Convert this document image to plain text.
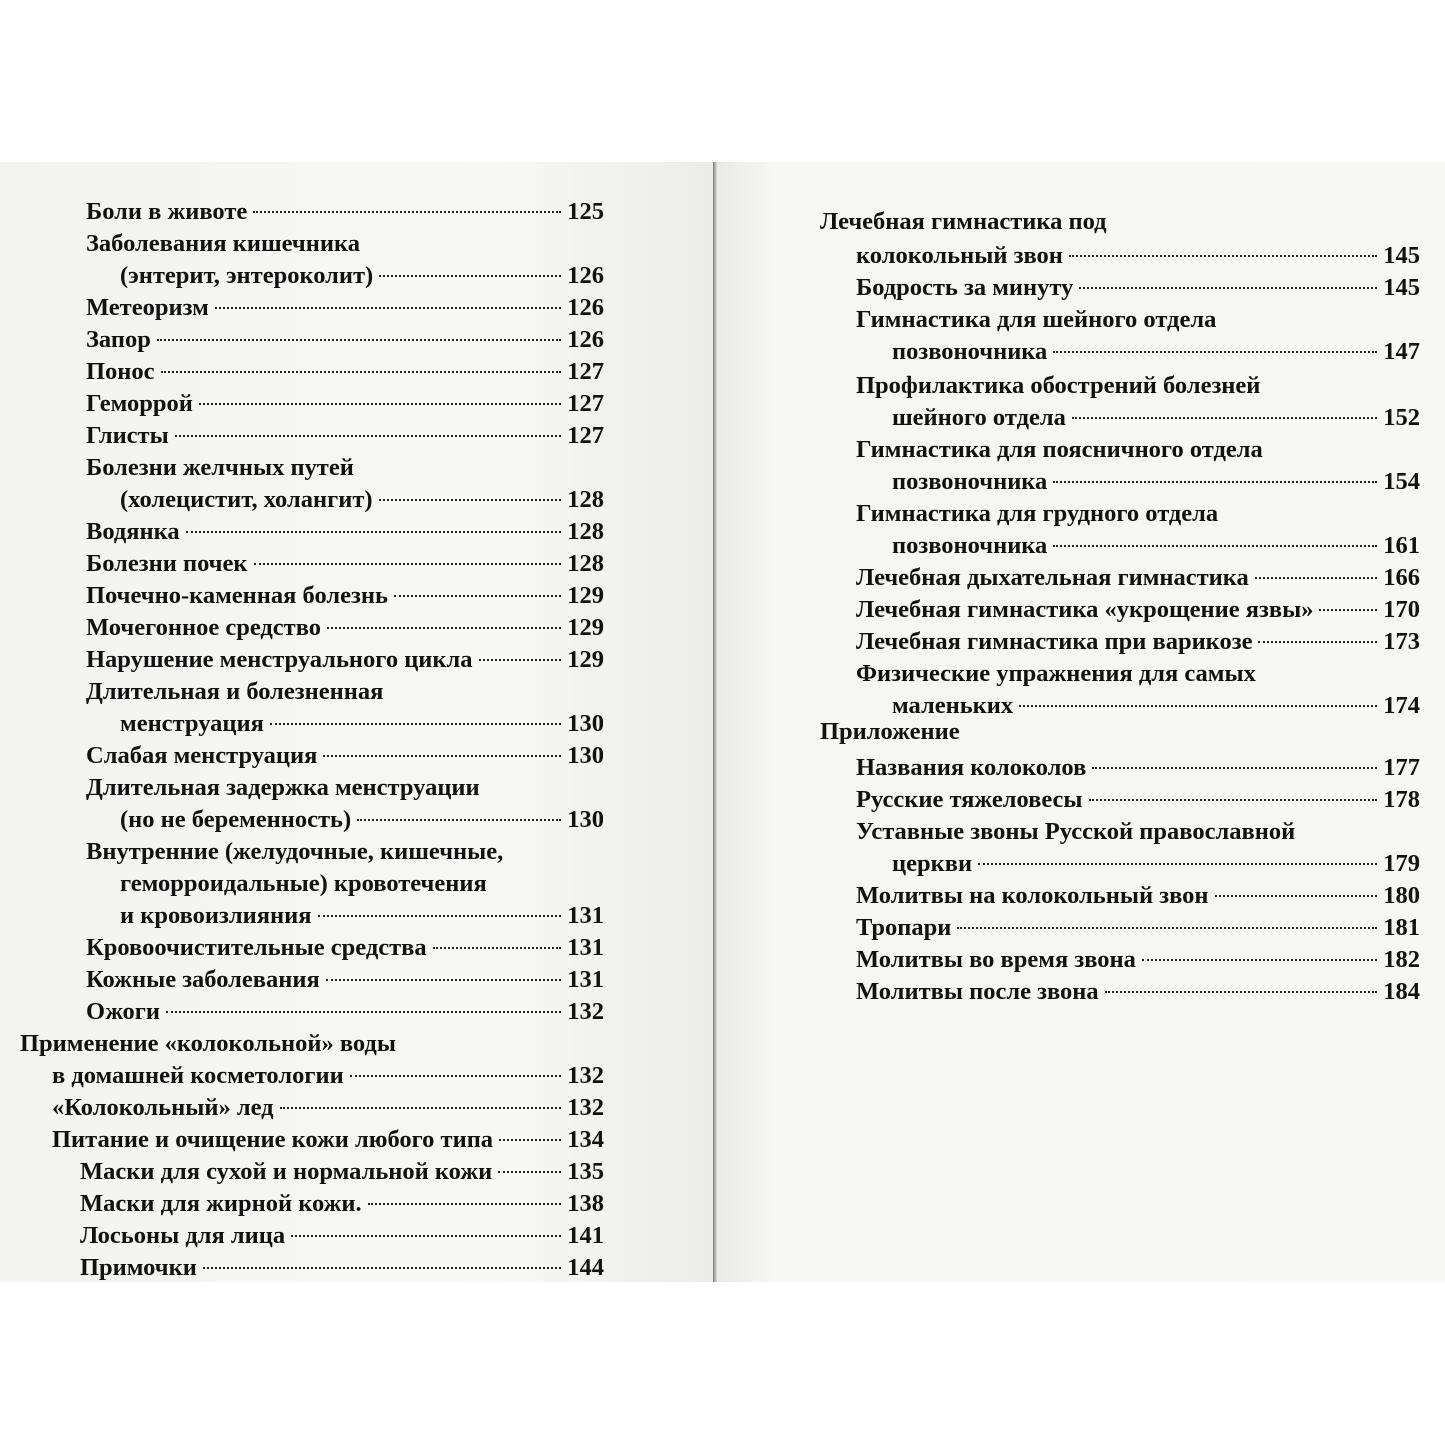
Боли в животе	125
Заболевания кишечника
(энтерит, энтероколит)	126
Метеоризм	126
Запор	126
Понос	127
Геморрой	127
Глисты	127
Болезни желчных путей
(холецистит, холангит)	128
Водянка	128
Болезни почек	128
Почечно-каменная болезнь	129
Мочегонное средство	129
Нарушение менструального цикла	129
Длительная и болезненная
менструация	130
Слабая менструация	130
Длительная задержка менструации
(но не беременность)	130
Внутренние (желудочные, кишечные,
геморроидальные) кровотечения
и кровоизлияния	131
Кровоочистительные средства	131
Кожные заболевания	131
Ожоги	132
Применение «колокольной» воды
в домашней косметологии	132
«Колокольный» лед	132
Питание и очищение кожи любого типа	134
Маски для сухой и нормальной кожи	135
Маски для жирной кожи.	138
Лосьоны для лица	141
Примочки	144
Лечебная гимнастика под
колокольный звон	145
Бодрость за минуту	145
Гимнастика для шейного отдела
позвоночника	147
Профилактика обострений болезней
шейного отдела	152
Гимнастика для поясничного отдела
позвоночника	154
Гимнастика для грудного отдела
позвоночника	161
Лечебная дыхательная гимнастика	166
Лечебная гимнастика «укрощение язвы»	170
Лечебная гимнастика при варикозе	173
Физические упражнения для самых
маленьких	174
Приложение
Названия колоколов	177
Русские тяжеловесы	178
Уставные звоны Русской православной
церкви	179
Молитвы на колокольный звон	180
Тропари	181
Молитвы во время звона	182
Молитвы после звона	184
